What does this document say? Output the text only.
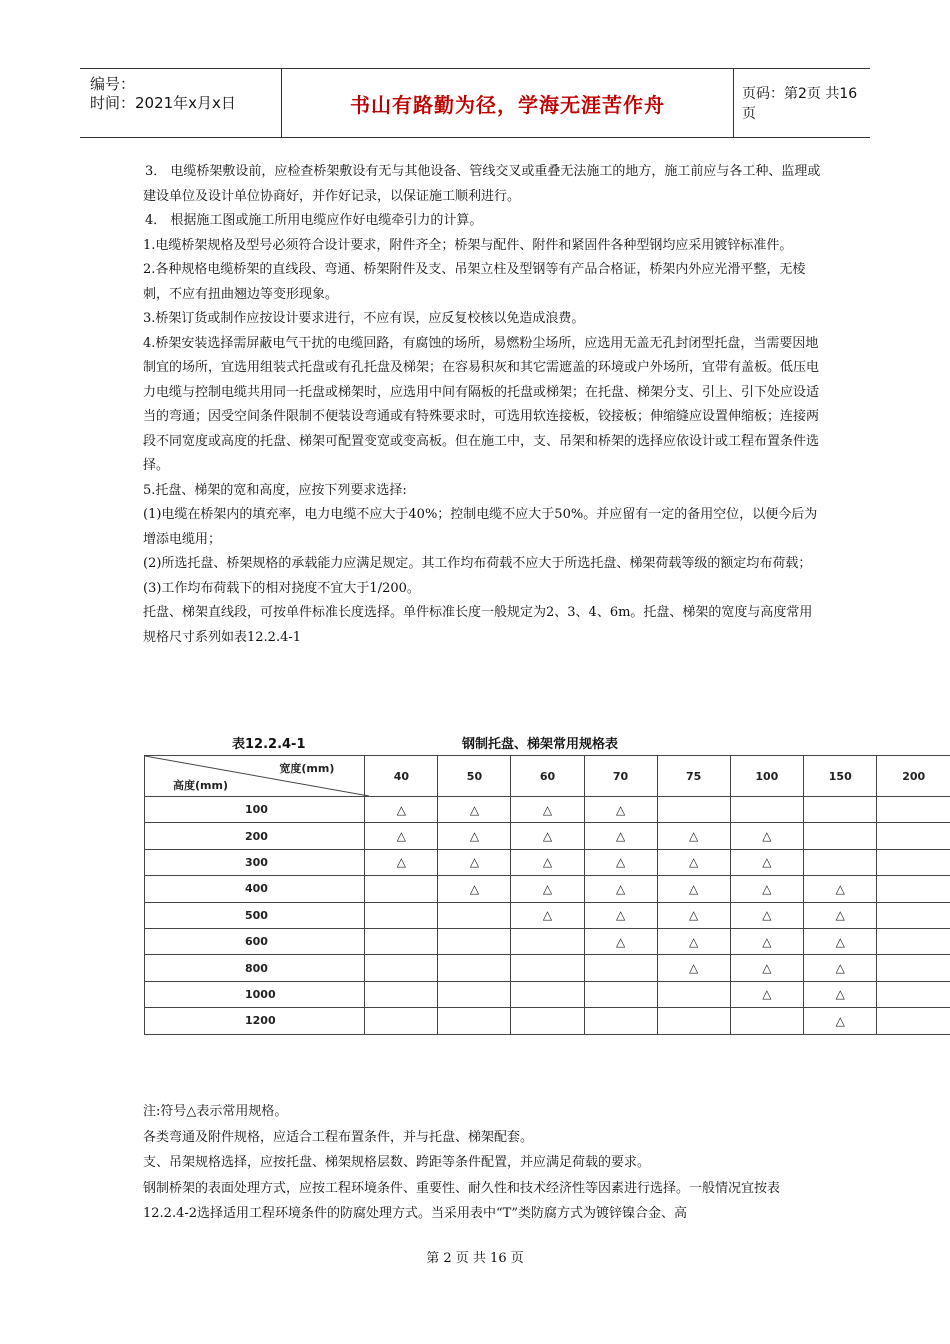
编号：
时间：2021年x月x日	书山有路勤为径，学海无涯苦作舟	页码：第2页 共16页

3． 电缆桥架敷设前，应检查桥架敷设有无与其他设备、管线交叉或重叠无法施工的地方，施工前应与各工种、监理或建设单位及设计单位协商好，并作好记录，以保证施工顺利进行。

4． 根据施工图或施工所用电缆应作好电缆牵引力的计算。

1.电缆桥架规格及型号必须符合设计要求，附件齐全；桥架与配件、附件和紧固件各种型钢均应采用镀锌标准件。

2.各种规格电缆桥架的直线段、弯通、桥架附件及支、吊架立柱及型钢等有产品合格证，桥架内外应光滑平整，无棱刺，不应有扭曲翘边等变形现象。

3.桥架订货或制作应按设计要求进行，不应有误，应反复校核以免造成浪费。

4.桥架安装选择需屏蔽电气干扰的电缆回路，有腐蚀的场所，易燃粉尘场所，应选用无盖无孔封闭型托盘，当需要因地制宜的场所，宜选用组装式托盘或有孔托盘及梯架；在容易积灰和其它需遮盖的环境或户外场所，宜带有盖板。低压电力电缆与控制电缆共用同一托盘或梯架时，应选用中间有隔板的托盘或梯架；在托盘、梯架分支、引上、引下处应设适当的弯通；因受空间条件限制不便装设弯通或有特殊要求时，可选用软连接板，铰接板；伸缩缝应设置伸缩板；连接两段不同宽度或高度的托盘、梯架可配置变宽或变高板。但在施工中，支、吊架和桥架的选择应依设计或工程布置条件选择。

5.托盘、梯架的宽和高度，应按下列要求选择:

(1)电缆在桥架内的填充率，电力电缆不应大于40%；控制电缆不应大于50%。并应留有一定的备用空位，以便今后为增添电缆用；

(2)所选托盘、桥架规格的承载能力应满足规定。其工作均布荷载不应大于所选托盘、梯架荷载等级的额定均布荷载；

(3)工作均布荷载下的相对挠度不宜大于1/200。

托盘、梯架直线段，可按单件标准长度选择。单件标准长度一般规定为2、3、4、6m。托盘、梯架的宽度与高度常用规格尺寸系列如表12.2.4-1

表12.2.4-1	钢制托盘、梯架常用规格表
宽度(mm)
高度(mm)	40	50	60	70	75	100	150	200
100	△	△	△	△				
200	△	△	△	△	△	△		
300	△	△	△	△	△	△		
400		△	△	△	△	△	△	
500			△	△	△	△	△	
600				△	△	△	△	
800					△	△	△	
1000						△	△	
1200							△	

注:符号△表示常用规格。

各类弯通及附件规格，应适合工程布置条件，并与托盘、梯架配套。

支、吊架规格选择，应按托盘、梯架规格层数、跨距等条件配置，并应满足荷载的要求。

钢制桥架的表面处理方式，应按工程环境条件、重要性、耐久性和技术经济性等因素进行选择。一般情况宜按表12.2.4-2选择适用工程环境条件的防腐处理方式。当采用表中“T”类防腐方式为镀锌镍合金、高

第 2 页 共 16 页
